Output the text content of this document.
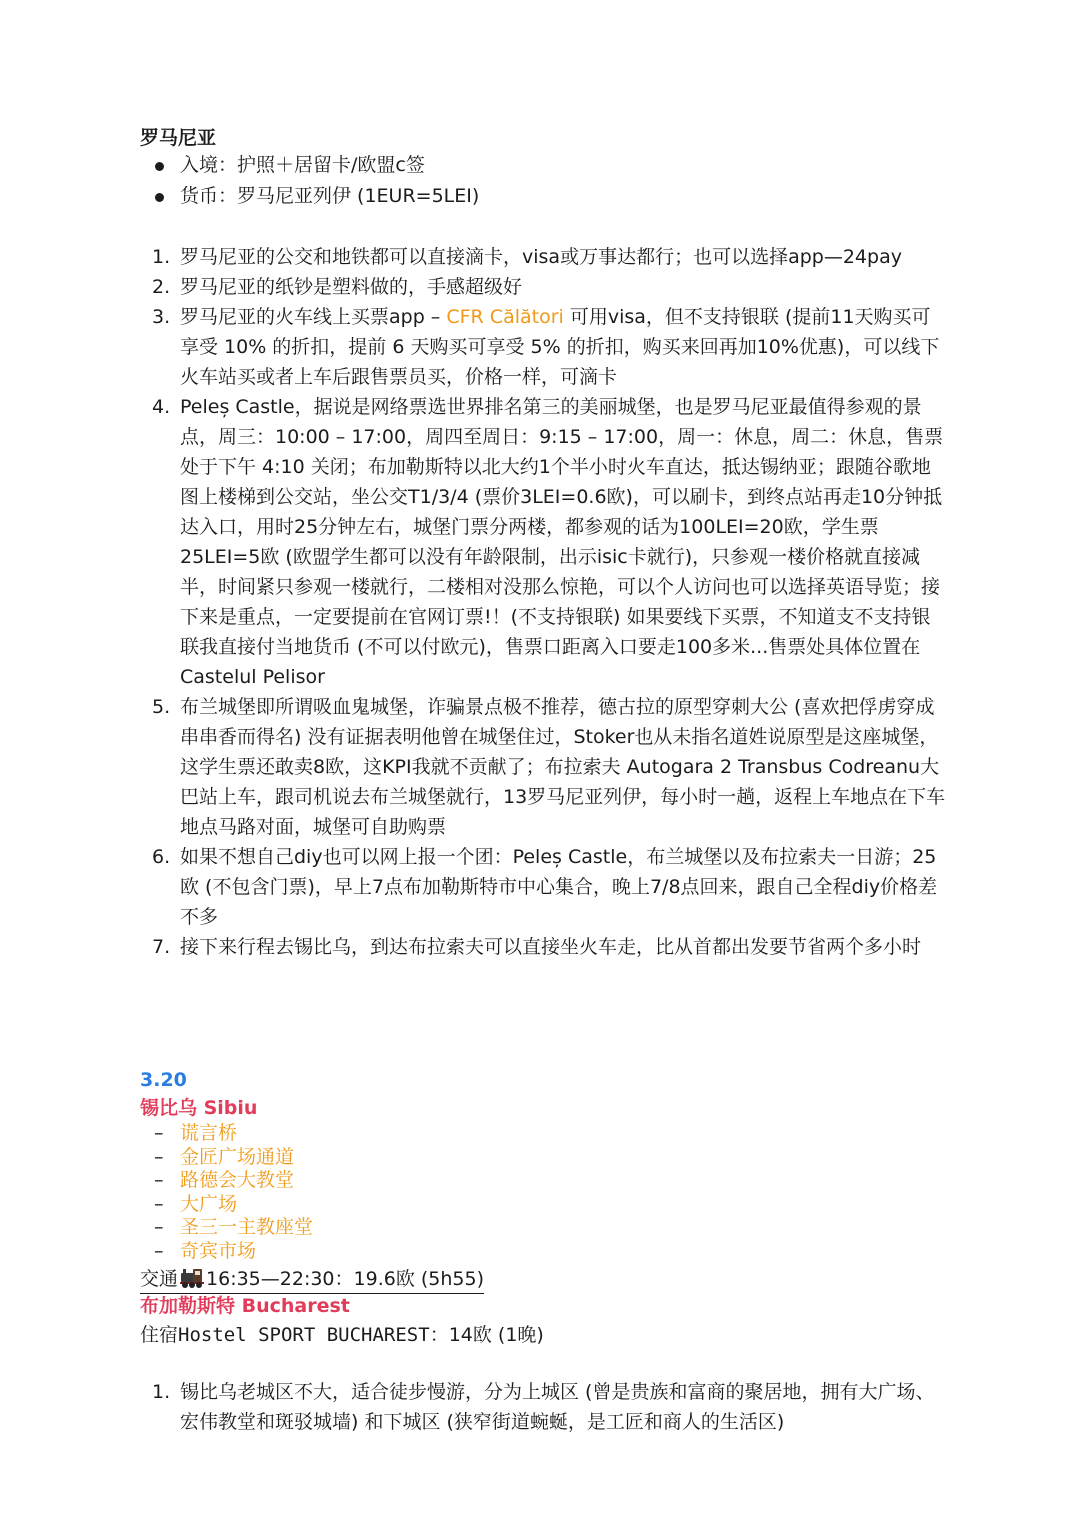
罗马尼亚
入境：护照＋居留卡/欧盟c签
货币：罗马尼亚列伊 (1EUR=5LEI)
1. 罗马尼亚的公交和地铁都可以直接滴卡，visa或万事达都行；也可以选择app—24pay
2. 罗马尼亚的纸钞是塑料做的，手感超级好
3. 罗马尼亚的火车线上买票app – CFR Călători 可用visa，但不支持银联 (提前11天购买可享受 10% 的折扣，提前 6 天购买可享受 5% 的折扣，购买来回再加10%优惠)，可以线下火车站买或者上车后跟售票员买，价格一样，可滴卡
4. Peleș Castle，据说是网络票选世界排名第三的美丽城堡，也是罗马尼亚最值得参观的景点，周三：10:00 – 17:00，周四至周日：9:15 – 17:00，周一：休息，周二：休息，售票处于下午 4:10 关闭；布加勒斯特以北大约1个半小时火车直达，抵达锡纳亚；跟随谷歌地图上楼梯到公交站，坐公交T1/3/4 (票价3LEI=0.6欧)，可以刷卡，到终点站再走10分钟抵达入口，用时25分钟左右，城堡门票分两楼，都参观的话为100LEI=20欧，学生票25LEI=5欧 (欧盟学生都可以没有年龄限制，出示isic卡就行)，只参观一楼价格就直接减半，时间紧只参观一楼就行，二楼相对没那么惊艳，可以个人访问也可以选择英语导览；接下来是重点，一定要提前在官网订票!！(不支持银联) 如果要线下买票，不知道支不支持银联我直接付当地货币 (不可以付欧元)，售票口距离入口要走100多米...售票处具体位置在Castelul Pelisor
5. 布兰城堡即所谓吸血鬼城堡，诈骗景点极不推荐，德古拉的原型穿刺大公 (喜欢把俘虏穿成串串香而得名) 没有证据表明他曾在城堡住过，Stoker也从未指名道姓说原型是这座城堡，这学生票还敢卖8欧，这KPI我就不贡献了；布拉索夫 Autogara 2 Transbus Codreanu大巴站上车，跟司机说去布兰城堡就行，13罗马尼亚列伊，每小时一趟，返程上车地点在下车地点马路对面，城堡可自助购票
6. 如果不想自己diy也可以网上报一个团：Peleș Castle，布兰城堡以及布拉索夫一日游；25欧 (不包含门票)，早上7点布加勒斯特市中心集合，晚上7/8点回来，跟自己全程diy价格差不多
7. 接下来行程去锡比乌，到达布拉索夫可以直接坐火车走，比从首都出发要节省两个多小时
3.20
锡比乌 Sibiu
– 谎言桥
– 金匠广场通道
– 路德会大教堂
– 大广场
– 圣三一主教座堂
– 奇宾市场
交通 16:35—22:30：19.6欧 (5h55)
布加勒斯特 Bucharest
住宿Hostel SPORT BUCHAREST：14欧 (1晚)
1. 锡比乌老城区不大，适合徒步慢游，分为上城区 (曾是贵族和富商的聚居地，拥有大广场、宏伟教堂和斑驳城墙) 和下城区 (狭窄街道蜿蜒，是工匠和商人的生活区)
